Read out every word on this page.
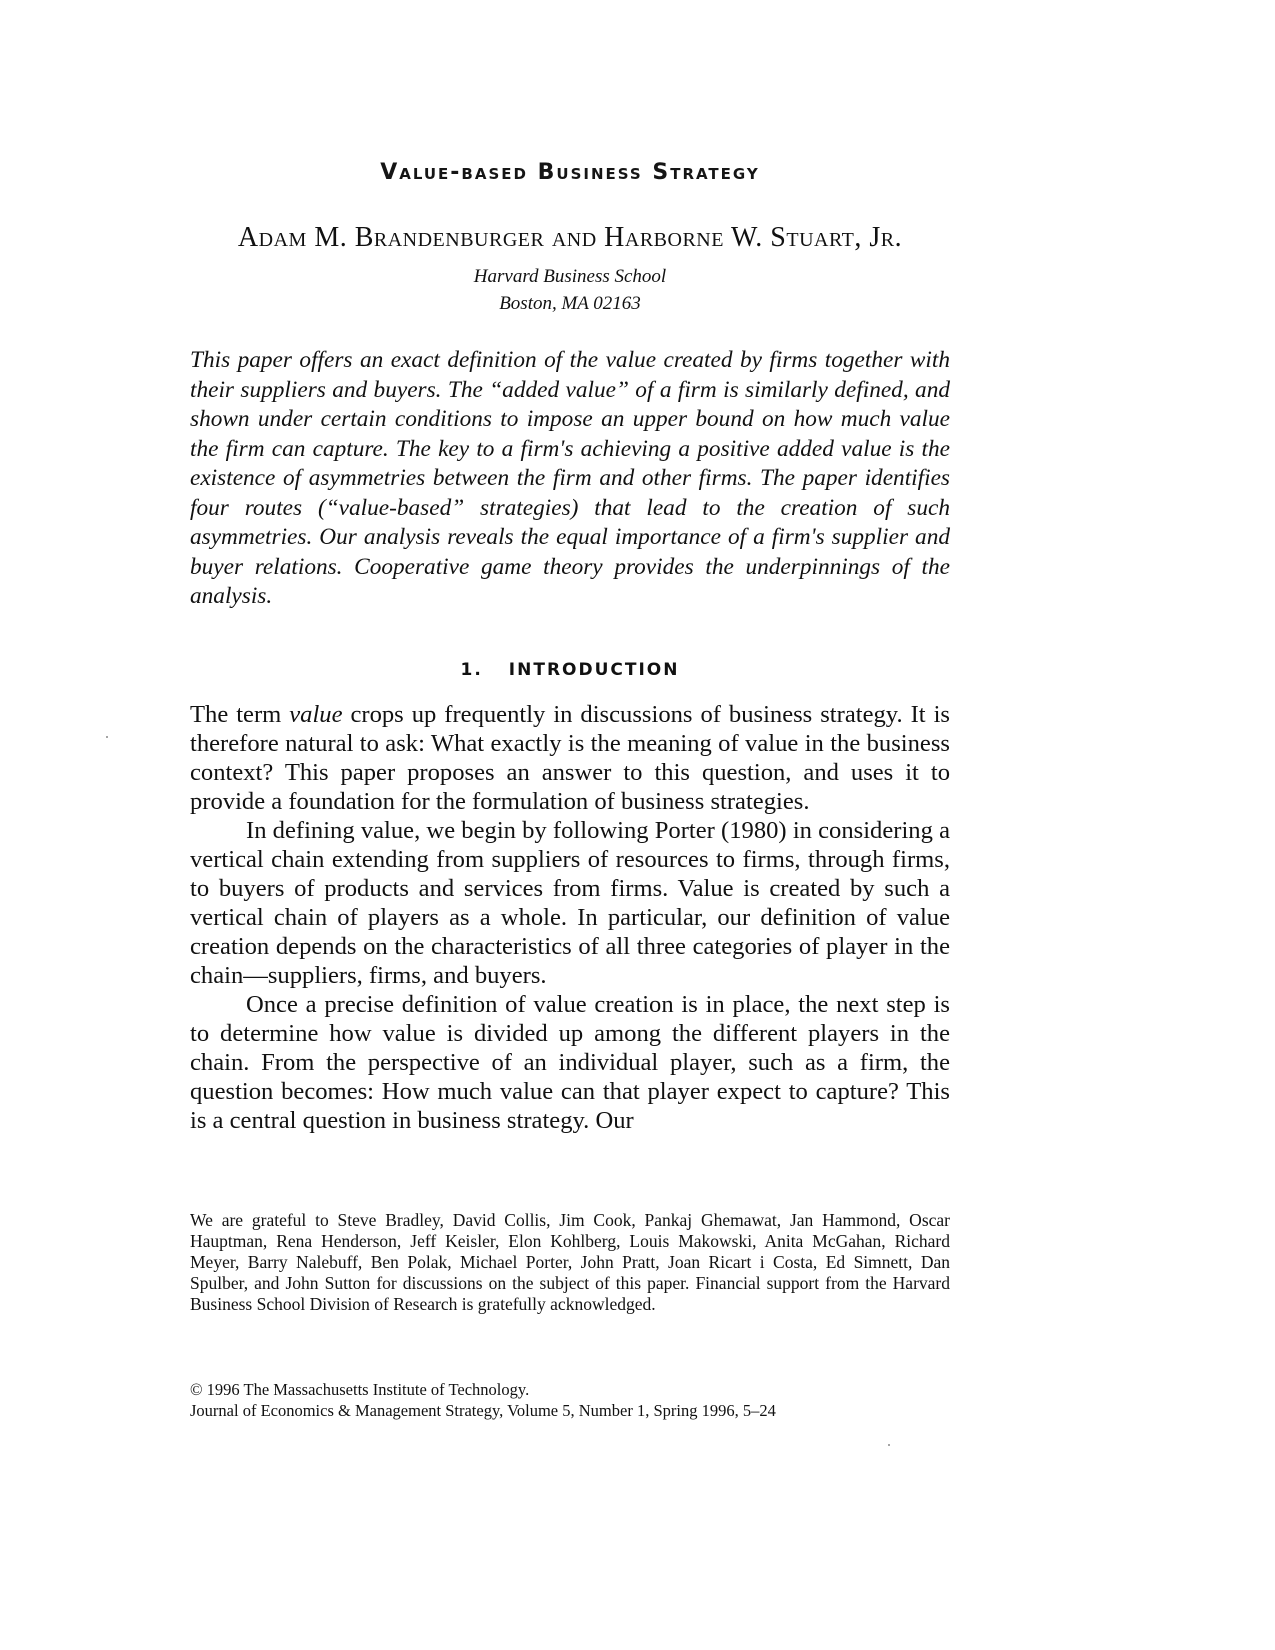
Value-based Business Strategy
Adam M. Brandenburger and Harborne W. Stuart, Jr.
Harvard Business School
Boston, MA 02163
This paper offers an exact definition of the value created by firms together with their suppliers and buyers. The “added value” of a firm is similarly defined, and shown under certain conditions to impose an upper bound on how much value the firm can capture. The key to a firm's achieving a positive added value is the existence of asymmetries between the firm and other firms. The paper identifies four routes (“value-based” strategies) that lead to the creation of such asymmetries. Our analysis reveals the equal importance of a firm's supplier and buyer relations. Cooperative game theory provides the underpinnings of the analysis.
1. INTRODUCTION

The term value crops up frequently in discussions of business strategy. It is therefore natural to ask: What exactly is the meaning of value in the business context? This paper proposes an answer to this question, and uses it to provide a foundation for the formulation of business strategies.

In defining value, we begin by following Porter (1980) in considering a vertical chain extending from suppliers of resources to firms, through firms, to buyers of products and services from firms. Value is created by such a vertical chain of players as a whole. In particular, our definition of value creation depends on the characteristics of all three categories of player in the chain—suppliers, firms, and buyers.

Once a precise definition of value creation is in place, the next step is to determine how value is divided up among the different players in the chain. From the perspective of an individual player, such as a firm, the question becomes: How much value can that player expect to capture? This is a central question in business strategy. Our

We are grateful to Steve Bradley, David Collis, Jim Cook, Pankaj Ghemawat, Jan Hammond, Oscar Hauptman, Rena Henderson, Jeff Keisler, Elon Kohlberg, Louis Makowski, Anita McGahan, Richard Meyer, Barry Nalebuff, Ben Polak, Michael Porter, John Pratt, Joan Ricart i Costa, Ed Simnett, Dan Spulber, and John Sutton for discussions on the subject of this paper. Financial support from the Harvard Business School Division of Research is gratefully acknowledged.
© 1996 The Massachusetts Institute of Technology.
Journal of Economics & Management Strategy, Volume 5, Number 1, Spring 1996, 5–24
